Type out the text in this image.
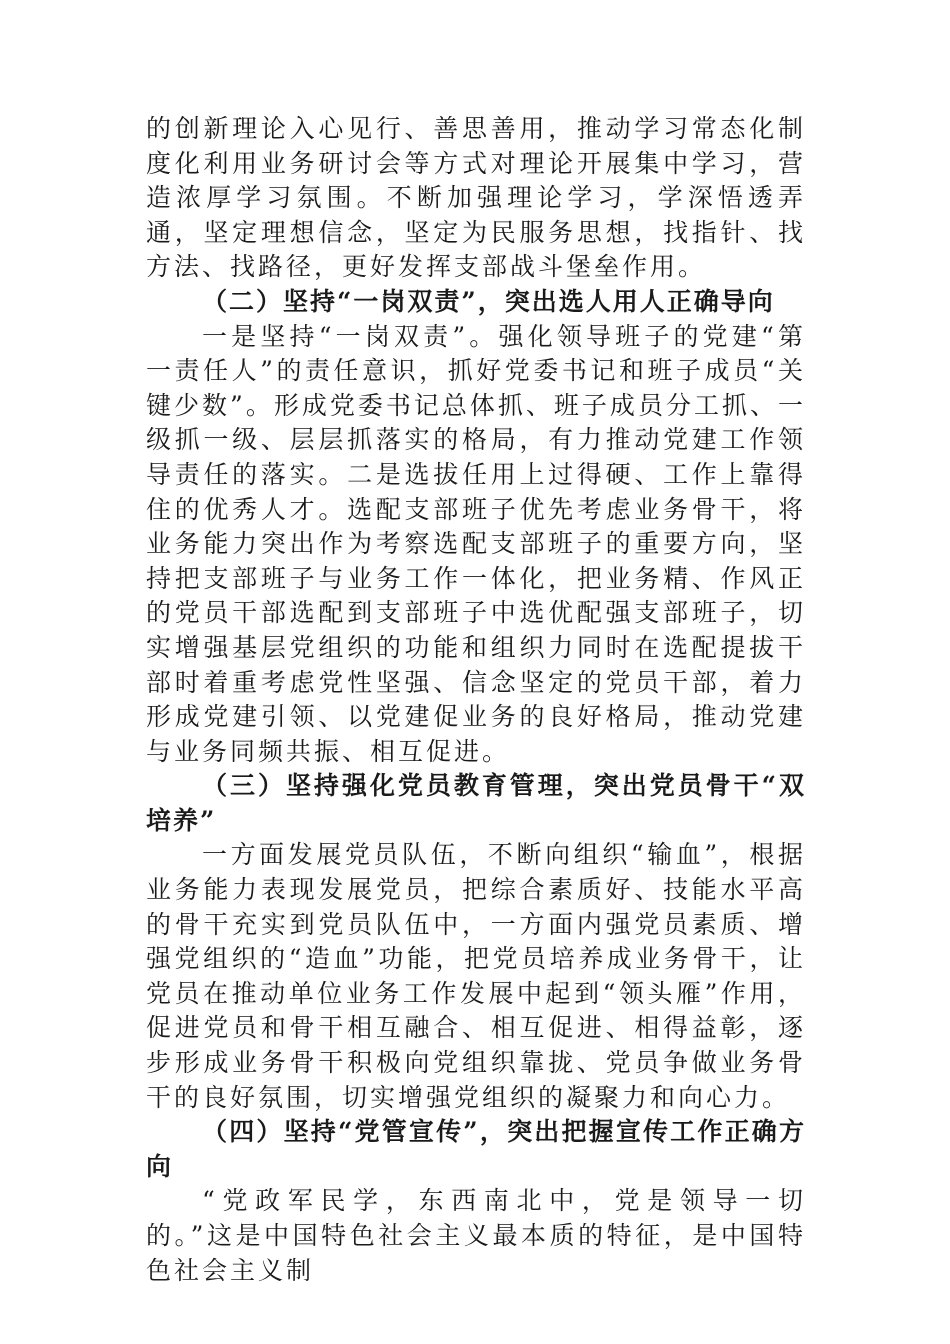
的创新理论入心见行、善思善用，推动学习常态化制度化利用业务研讨会等方式对理论开展集中学习，营造浓厚学习氛围。不断加强理论学习，学深悟透弄通，坚定理想信念，坚定为民服务思想，找指针、找方法、找路径，更好发挥支部战斗堡垒作用。

（二）坚持“一岗双责”，突出选人用人正确导向

一是坚持“一岗双责”。强化领导班子的党建“第一责任人”的责任意识，抓好党委书记和班子成员“关键少数”。形成党委书记总体抓、班子成员分工抓、一级抓一级、层层抓落实的格局，有力推动党建工作领导责任的落实。二是选拔任用上过得硬、工作上靠得住的优秀人才。选配支部班子优先考虑业务骨干，将业务能力突出作为考察选配支部班子的重要方向，坚持把支部班子与业务工作一体化，把业务精、作风正的党员干部选配到支部班子中选优配强支部班子，切实增强基层党组织的功能和组织力同时在选配提拔干部时着重考虑党性坚强、信念坚定的党员干部，着力形成党建引领、以党建促业务的良好格局，推动党建与业务同频共振、相互促进。

（三）坚持强化党员教育管理，突出党员骨干“双培养”

一方面发展党员队伍，不断向组织“输血”，根据业务能力表现发展党员，把综合素质好、技能水平高的骨干充实到党员队伍中，一方面内强党员素质、增强党组织的“造血”功能，把党员培养成业务骨干，让党员在推动单位业务工作发展中起到“领头雁”作用，促进党员和骨干相互融合、相互促进、相得益彰，逐步形成业务骨干积极向党组织靠拢、党员争做业务骨干的良好氛围，切实增强党组织的凝聚力和向心力。

（四）坚持“党管宣传”，突出把握宣传工作正确方向

“党政军民学，东西南北中，党是领导一切的。”这是中国特色社会主义最本质的特征，是中国特色社会主义制
